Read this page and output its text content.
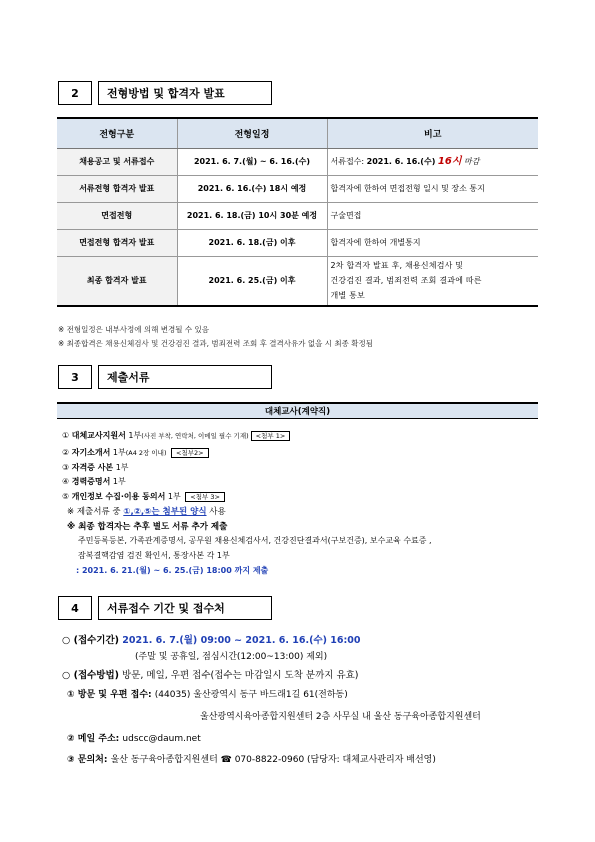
2	전형방법 및 합격자 발표
전형구분	전형일정	비고
채용공고 및 서류접수	2021. 6. 7.(월) ~ 6. 16.(수)	서류접수: 2021. 6. 16.(수) 16시 마감
서류전형 합격자 발표	2021. 6. 16.(수) 18시 예정	합격자에 한하여 면접전형 일시 및 장소 통지
면접전형	2021. 6. 18.(금) 10시 30분 예정	구술면접
면접전형 합격자 발표	2021. 6. 18.(금) 이후	합격자에 한하여 개별통지
최종 합격자 발표	2021. 6. 25.(금) 이후	2차 합격자 발표 후, 채용신체검사 및
건강검진 결과, 범죄전력 조회 결과에 따른
개별 통보
※ 전형일정은 내부사정에 의해 변경될 수 있음
※ 최종합격은 채용신체검사 및 건강검진 결과, 범죄전력 조회 후 결격사유가 없을 시 최종 확정됨
3	제출서류
대체교사(계약직)
① 대체교사지원서 1부(사진 부착, 연락처, 이메일 필수 기재) <첨부 1>
② 자기소개서 1부(A4 2장 이내) <첨부2>
③ 자격증 사본 1부
④ 경력증명서 1부
⑤ 개인정보 수집·이용 동의서 1부 <첨부 3>
※ 제출서류 중 ①,②,⑤는 첨부된 양식 사용
※ 최종 합격자는 추후 별도 서류 추가 제출
주민등록등본, 가족관계증명서, 공무원 채용신체검사서, 건강진단결과서(구보건증), 보수교육 수료증 ,
잠복결핵감염 검진 확인서, 통장사본 각 1부
: 2021. 6. 21.(월) ~ 6. 25.(금) 18:00 까지 제출
4	서류접수 기간 및 접수처
○ (접수기간) 2021. 6. 7.(월) 09:00 ~ 2021. 6. 16.(수) 16:00
(주말 및 공휴일, 점심시간(12:00~13:00) 제외)
○ (접수방법) 방문, 메일, 우편 접수(접수는 마감일시 도착 분까지 유효)
① 방문 및 우편 접수: (44035) 울산광역시 동구 바드래1길 61(전하동)
울산광역시육아종합지원센터 2층 사무실 내 울산 동구육아종합지원센터
② 메일 주소: udscc@daum.net
③ 문의처: 울산 동구육아종합지원센터 ☎ 070-8822-0960 (담당자: 대체교사관리자 배선영)
